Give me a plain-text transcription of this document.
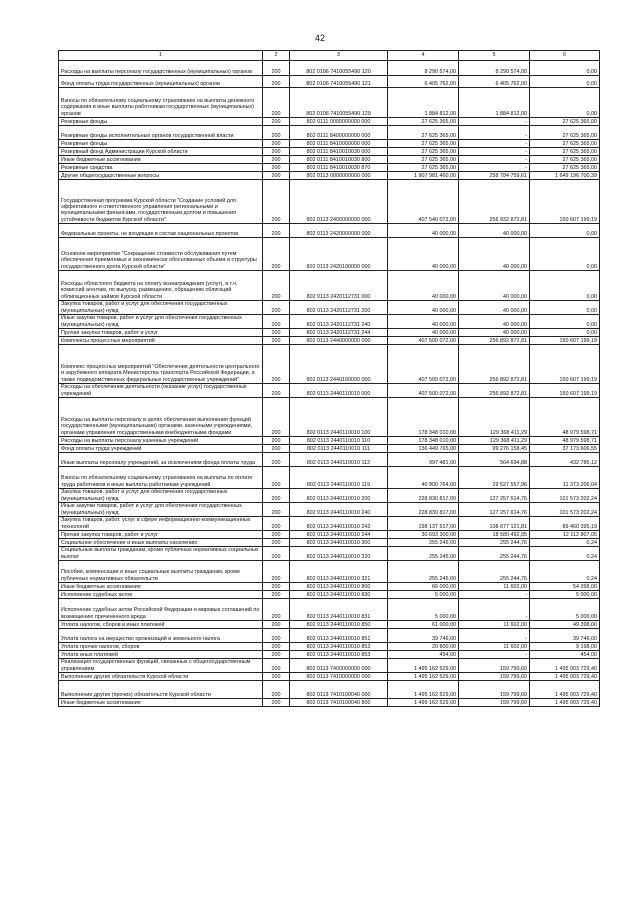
42
1	2	3	4	5	6
Расходы на выплаты персоналу государственных (муниципальных) органов	200	802 0106 7410055490 120	8 290 574,00	8 290 574,00	0,00
Фонд оплаты труда государственных (муниципальных) органов	200	802 0106 7410055490 121	6 405 762,00	6 405 762,00	0,00
Взносы по обязательному социальному страхованию на выплаты денежного содержания и иные выплаты работникам государственных (муниципальных) органов	200	802 0106 7410055490 129	1 884 812,00	1 884 812,00	0,00
Резервные фонды	200	802 0111 0000000000 000	27 625 365,00	-	27 625 365,00
Резервные фонды исполнительных органов государственной власти	200	802 0111 8400000000 000	27 625 365,00	-	27 625 365,00
Резервные фонды	200	802 0111 8410000000 000	27 625 365,00	-	27 625 365,00
Резервный фонд Администрации Курской области	200	802 0111 8410010030 000	27 625 365,00	-	27 625 365,00
Иные бюджетные ассигнования	200	802 0111 8410010030 800	27 625 365,00	-	27 625 365,00
Резервные средства	200	802 0111 8410010030 870	27 625 365,00	-	27 625 365,00
Другие общегосударственные вопросы	200	802 0113 0000000000 000	1 907 981 460,00	258 784 759,61	1 649 196 700,39
Государственная программа Курской области "Создание условий для эффективного и ответственного управления региональными и муниципальными финансами, государственным долгом и повышения устойчивости бюджетов Курской области"	200	802 0113 2400000000 000	407 540 072,00	256 932 872,81	150 607 199,19
Федеральные проекты, не входящие в состав национальных проектов	200	802 0113 2420000000 000	40 000,00	40 000,00	0,00
Основное мероприятие "Сокращение стоимости обслуживания путем обеспечения приемлемых и экономически обоснованных объема и структуры государственного долга Курской области"	200	802 0113 2420100000 000	40 000,00	40 000,00	0,00
Расходы областного бюджета на оплату вознаграждения (услуг), в т.ч. комиссий агентам, по выпуску, размещению, обращению облигаций облигационных займов Курской области	200	802 0113 2420112731 000	40 000,00	40 000,00	0,00
Закупка товаров, работ и услуг для обеспечения государственных (муниципальных) нужд	200	802 0113 2420112731 200	40 000,00	40 000,00	0,00
Иные закупки товаров, работ и услуг для обеспечения государственных (муниципальных) нужд	200	802 0113 2420112731 240	40 000,00	40 000,00	0,00
Прочая закупка товаров, работ и услуг	200	802 0113 2420112731 244	40 000,00	40 000,00	0,00
Комплексы процессных мероприятий	200	802 0113 2440000000 000	407 500 072,00	256 892 872,81	150 607 199,19
Комплекс процессных мероприятий "Обеспечение деятельности центрального и зарубежного аппарата Министерства транспорта Российской Федерации, а также подведомственных федеральных государственных учреждений"	200	802 0113 2440100000 000	407 500 072,00	256 892 872,81	150 607 199,19
Расходы на обеспечение деятельности (оказание услуг) государственных учреждений	200	802 0113 2440110010 000	407 500 072,00	256 892 872,81	150 607 199,19
Расходы на выплаты персоналу в целях обеспечения выполнения функций государственными (муниципальными) органами, казенными учреждениями, органами управления государственными внебюджетными фондами	200	802 0113 2440110010 100	178 348 010,00	129 368 411,29	48 979 598,71
Расходы на выплаты персоналу казенных учреждений	200	802 0113 2440110010 110	178 348 010,00	129 368 411,29	48 979 598,71
Фонд оплаты труда учреждений	200	802 0113 2440110010 111	136 449 765,00	99 276 158,45	37 173 606,55
Иные выплаты персоналу учреждений, за исключением фонда оплаты труда	200	802 0113 2440110010 112	997 481,00	564 694,88	432 786,12
Взносы по обязательному социальному страхованию на выплаты по оплате труда работников и иные выплаты работникам учреждений	200	802 0113 2440110010 119	40 900 764,00	29 527 557,96	11 373 206,04
Закупка товаров, работ и услуг для обеспечения государственных (муниципальных) нужд	200	802 0113 2440110010 200	228 830 817,00	127 257 614,76	101 573 202,24
Иные закупки товаров, работ и услуг для обеспечения государственных (муниципальных) нужд	200	802 0113 2440110010 240	228 830 817,00	127 257 614,76	101 573 202,24
Закупка товаров, работ, услуг в сфере информационно-коммуникационных технологий	200	802 0113 2440110010 242	198 137 517,00	108 677 121,81	89 460 395,19
Прочая закупка товаров, работ и услуг	200	802 0113 2440110010 244	30 693 300,00	18 580 492,95	12 112 807,05
Социальное обеспечение и иные выплаты населению	200	802 0113 2440110010 300	255 245,00	255 244,76	0,24
Социальные выплаты гражданам, кроме публичных нормативных социальных выплат	200	802 0113 2440110010 320	255 245,00	255 244,76	0,24
Пособия, компенсации и иные социальные выплаты гражданам, кроме публичных нормативных обязательств	200	802 0113 2440110010 321	255 245,00	255 244,76	0,24
Иные бюджетные ассигнования	200	802 0113 2440110010 800	66 000,00	11 602,00	54 398,00
Исполнение судебных актов	200	802 0113 2440110010 830	5 000,00	-	5 000,00
Исполнение судебных актов Российской Федерации и мировых соглашений по возмещению причиненного вреда	200	802 0113 2440110010 831	5 000,00	-	5 000,00
Уплата налогов, сборов и иных платежей	200	802 0113 2440110010 850	61 000,00	11 602,00	49 398,00
Уплата налога на имущество организаций и земельного налога	200	802 0113 2440110010 851	39 746,00	-	39 746,00
Уплата прочих налогов, сборов	200	802 0113 2440110010 852	20 800,00	11 602,00	9 198,00
Уплата иных платежей	200	802 0113 2440110010 853	454,00	-	454,00
Реализация государственных функций, связанных с общегосударственным управлением	200	802 0113 7400000000 000	1 495 162 529,00	159 799,60	1 495 003 729,40
Выполнение других обязательств Курской области	200	802 0113 7410000000 000	1 495 162 529,00	159 799,60	1 495 003 729,40
Выполнение других (прочих) обязательств Курской области	200	802 0113 7410100040 000	1 495 162 529,00	159 799,60	1 495 003 729,40
Иные бюджетные ассигнования	200	802 0113 7410100040 800	1 499 162 529,00	159 799,60	1 495 003 729,40
